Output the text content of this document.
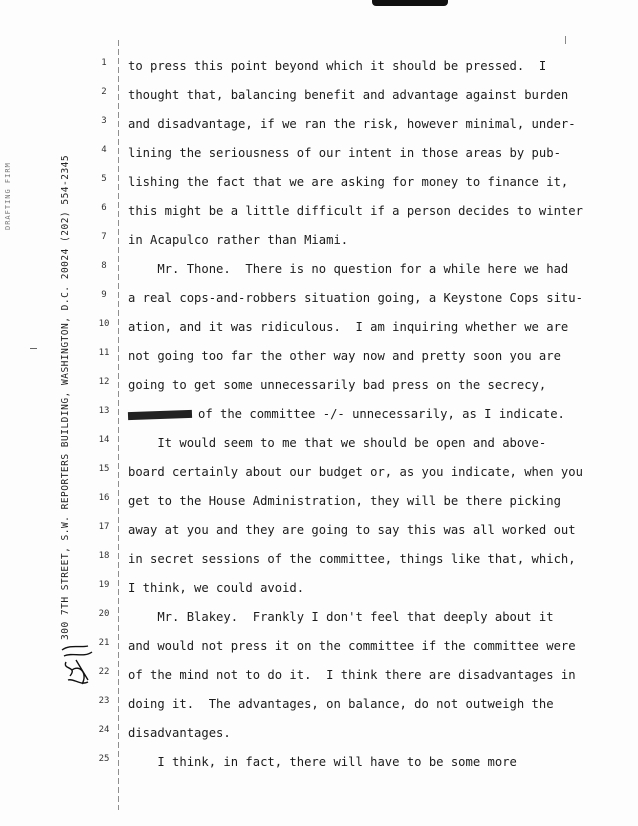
DRAFTING FIRM	300 7TH STREET, S.W. REPORTERS BUILDING, WASHINGTON, D.C. 20024 (202) 554-2345
1
2
3
4
5
6
7
8
9
10
11
12
13
14
15
16
17
18
19
20
21
22
23
24
25
to press this point beyond which it should be pressed.  I
thought that, balancing benefit and advantage against burden
and disadvantage, if we ran the risk, however minimal, under-
lining the seriousness of our intent in those areas by pub-
lishing the fact that we are asking for money to finance it,
this might be a little difficult if a person decides to winter
in Acapulco rather than Miami.
Mr. Thone.  There is no question for a while here we had
a real cops-and-robbers situation going, a Keystone Cops situ-
ation, and it was ridiculous.  I am inquiring whether we are
not going too far the other way now and pretty soon you are
going to get some unnecessarily bad press on the secrecy,
of the committee -/- unnecessarily, as I indicate.
It would seem to me that we should be open and above-
board certainly about our budget or, as you indicate, when you
get to the House Administration, they will be there picking
away at you and they are going to say this was all worked out
in secret sessions of the committee, things like that, which,
I think, we could avoid.
Mr. Blakey.  Frankly I don't feel that deeply about it
and would not press it on the committee if the committee were
of the mind not to do it.  I think there are disadvantages in
doing it.  The advantages, on balance, do not outweigh the
disadvantages.
I think, in fact, there will have to be some more
